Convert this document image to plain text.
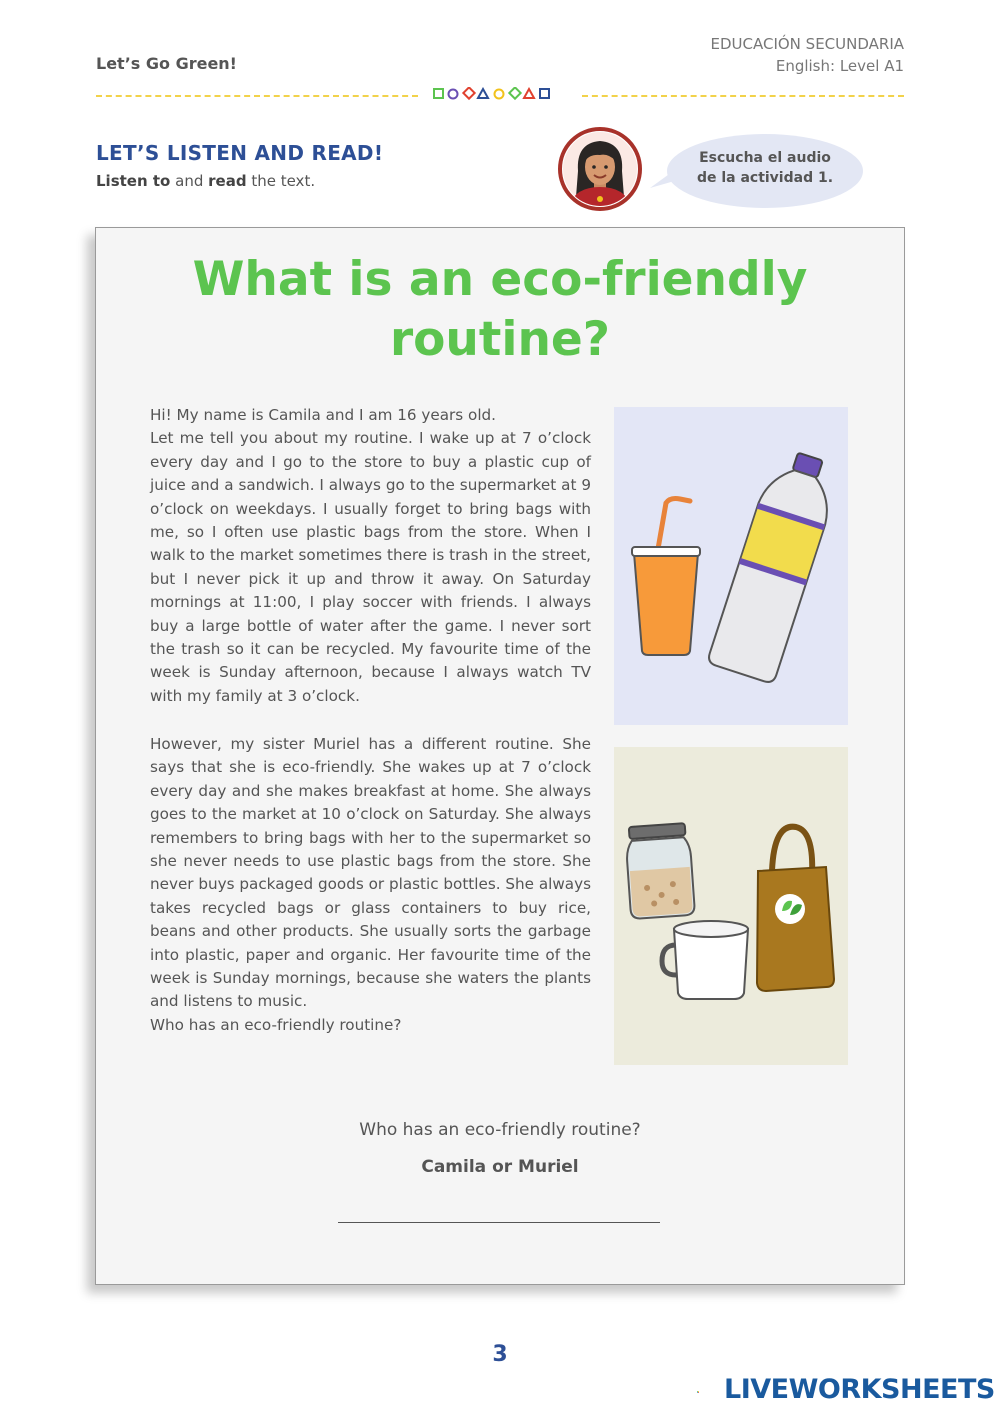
Let’s Go Green!
EDUCACIÓN SECUNDARIA
English: Level A1
LET’S LISTEN AND READ!
Listen to and read the text.
Escucha el audio
de la actividad 1.
What is an eco-friendly
routine?
Hi! My name is Camila and I am 16 years old.
Let me tell you about my routine. I wake up at 7 o’clock every day and I go to the store to buy a plastic cup of juice and a sandwich. I always go to the supermarket at 9 o’clock on weekdays. I usually forget to bring bags with me, so I often use plastic bags from the store. When I walk to the market sometimes there is trash in the street, but I never pick it up and throw it away. On Saturday mornings at 11:00, I play soccer with friends. I always buy a large bottle of water after the game. I never sort the trash so it can be recycled. My favourite time of the week is Sunday afternoon, because I always watch TV with my family at 3 o’clock.
However, my sister Muriel has a different routine. She says that she is eco-friendly. She wakes up at 7 o’clock every day and she makes breakfast at home. She always goes to the market at 10 o’clock on Saturday. She always remembers to bring bags with her to the supermarket so she never needs to use plastic bags from the store. She never buys packaged goods or plastic bottles. She always takes recycled bags or glass containers to buy rice, beans and other products. She usually sorts the garbage into plastic, paper and organic. Her favourite time of the week is Sunday mornings, because she waters the plants and listens to music.
Who has an eco-friendly routine?
Who has an eco-friendly routine?
Camila or Muriel
3
LIVEWORKSHEETS
